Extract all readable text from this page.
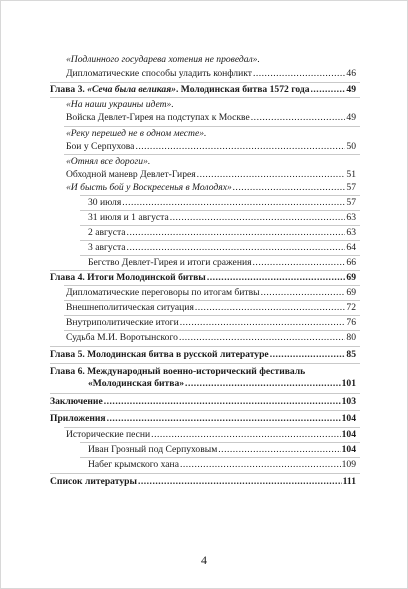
«Подлинного государева хотения не проведал».
Дипломатические способы уладить конфликт .....	46
Глава 3. «Сеча была великая». Молодинская битва 1572 года .....	49
«На наши украины идет».
Войска Девлет-Гирея на подступах к Москве .....	49
«Реку перешед не в одном месте».
Бои у Серпухова .....	50
«Отнял все дороги».
Обходной маневр Девлет-Гирея .....	51
«И бысть бой у Воскресенья в Молодях» .....	57
30 июля .....	57
31 июля и 1 августа .....	63
2 августа .....	63
3 августа .....	64
Бегство Девлет-Гирея и итоги сражения .....	66
Глава 4. Итоги Молодинской битвы .....	69
Дипломатические переговоры по итогам битвы .....	69
Внешнеполитическая ситуация .....	72
Внутриполитические итоги .....	76
Судьба М.И. Воротынского .....	80
Глава 5. Молодинская битва в русской литературе .....	85
Глава 6. Международный военно-исторический фестиваль
«Молодинская битва» .....	101
Заключение .....	103
Приложения .....	104
Исторические песни .....	104
Иван Грозный под Серпуховым .....	104
Набег крымского хана .....	109
Список литературы .....	111
4
